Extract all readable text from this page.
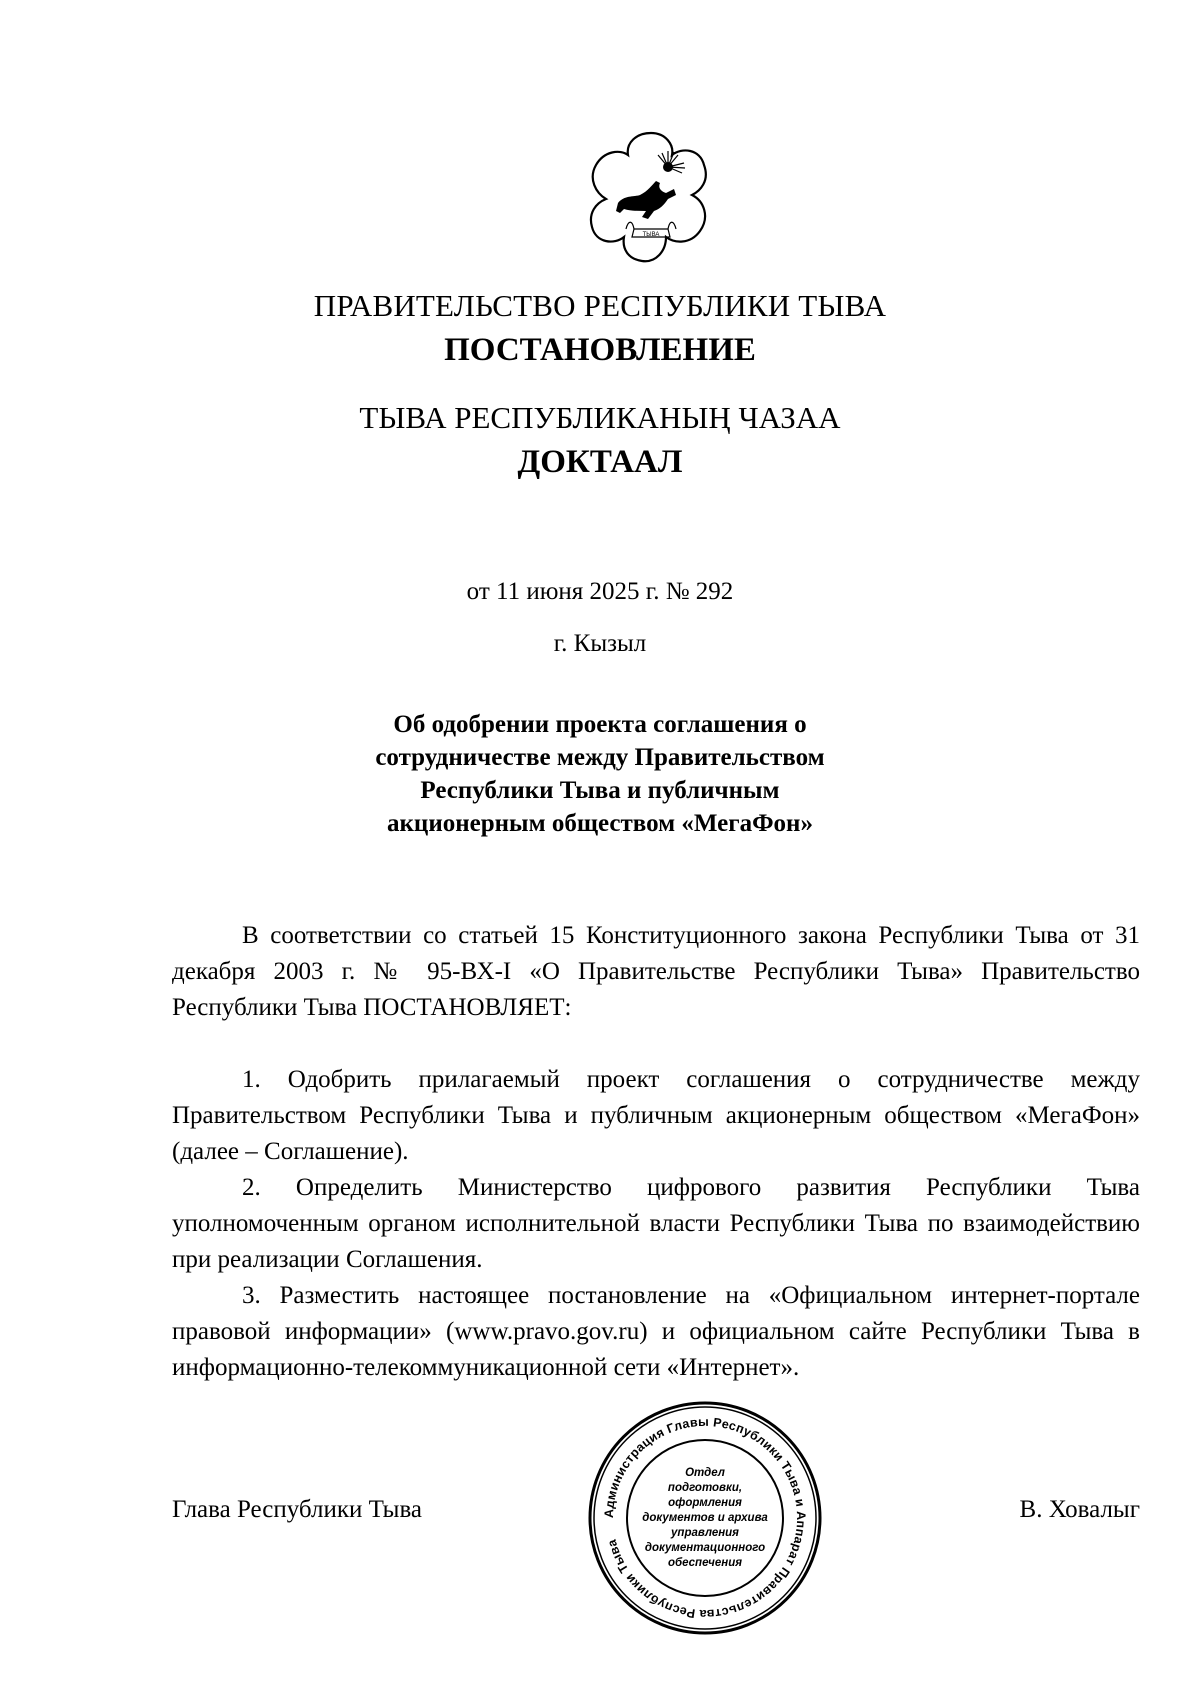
ТЫВА
ПРАВИТЕЛЬСТВО РЕСПУБЛИКИ ТЫВА
ПОСТАНОВЛЕНИЕ
ТЫВА РЕСПУБЛИКАНЫҢ ЧАЗАА
ДОКТААЛ
от 11 июня 2025 г. № 292
г. Кызыл
Об одобрении проекта соглашения о сотрудничестве между Правительством Республики Тыва и публичным акционерным обществом «МегаФон»

В соответствии со статьей 15 Конституционного закона Республики Тыва от 31 декабря 2003 г. № 95-ВХ-I «О Правительстве Республики Тыва» Правительство Республики Тыва ПОСТАНОВЛЯЕТ:

1. Одобрить прилагаемый проект соглашения о сотрудничестве между Правительством Республики Тыва и публичным акционерным обществом «МегаФон» (далее – Соглашение).

2. Определить Министерство цифрового развития Республики Тыва уполномоченным органом исполнительной власти Республики Тыва по взаимодействию при реализации Соглашения.

3. Разместить настоящее постановление на «Официальном интернет-портале правовой информации» (www.pravo.gov.ru) и официальном сайте Республики Тыва в информационно-телекоммуникационной сети «Интернет».

Глава Республики Тыва	В. Ховалыг
Администрация Главы Республики Тыва и Аппарат Правительства Республики Тыва
Отдел
подготовки,
оформления
документов и архива
управления
документационного
обеспечения
